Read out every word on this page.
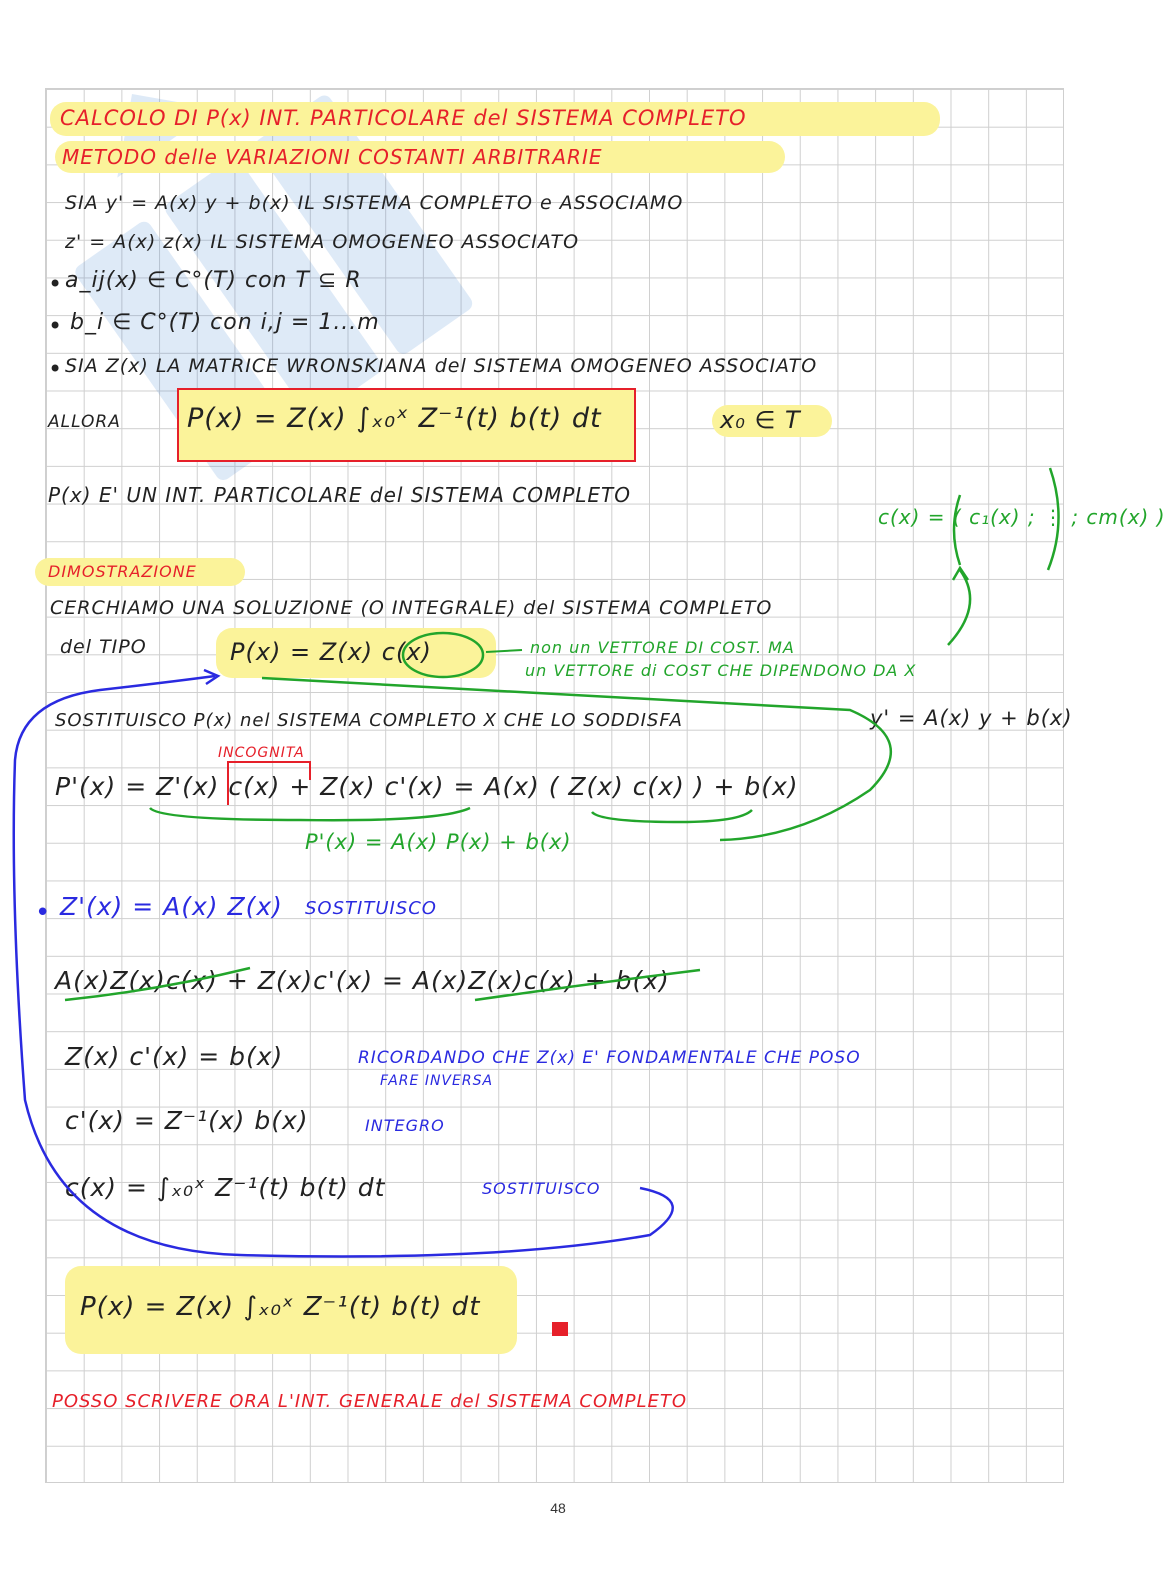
CALCOLO DI P(x) INT. PARTICOLARE del SISTEMA COMPLETO
METODO delle VARIAZIONI COSTANTI ARBITRARIE
SIA y' = A(x) y + b(x) IL SISTEMA COMPLETO e ASSOCIAMO
z' = A(x) z(x) IL SISTEMA OMOGENEO ASSOCIATO
• a_ij(x) ∈ C°(T) con T ⊆ R
• b_i ∈ C°(T) con i,j = 1...m
• SIA Z(x) LA MATRICE WRONSKIANA del SISTEMA OMOGENEO ASSOCIATO
ALLORA P(x) = Z(x) ∫ₓ₀ˣ Z⁻¹(t) b(t) dt	x₀ ∈ T
P(x) E' UN INT. PARTICOLARE del SISTEMA COMPLETO
c(x) = ( c₁(x) ; ⋮ ; cm(x) )
DIMOSTRAZIONE
CERCHIAMO UNA SOLUZIONE (O INTEGRALE) del SISTEMA COMPLETO
del TIPO	P(x) = Z(x) c(x)	non un VETTORE DI COST. MA
un VETTORE di COST CHE DIPENDONO DA X
SOSTITUISCO P(x) nel SISTEMA COMPLETO X CHE LO SODDISFA	y' = A(x) y + b(x)
INCOGNITA
P'(x) = Z'(x) c(x) + Z(x) c'(x) = A(x) ( Z(x) c(x) ) + b(x)
P'(x) = A(x) P(x) + b(x)
• Z'(x) = A(x) Z(x) SOSTITUISCO
A(x)Z(x)c(x) + Z(x)c'(x) = A(x)Z(x)c(x) + b(x)
Z(x) c'(x) = b(x)	RICORDANDO CHE Z(x) E' FONDAMENTALE CHE POSO
FARE INVERSA
c'(x) = Z⁻¹(x) b(x)	INTEGRO
c(x) = ∫ₓ₀ˣ Z⁻¹(t) b(t) dt	SOSTITUISCO
P(x) = Z(x) ∫ₓ₀ˣ Z⁻¹(t) b(t) dt
POSSO SCRIVERE ORA L'INT. GENERALE del SISTEMA COMPLETO
48
